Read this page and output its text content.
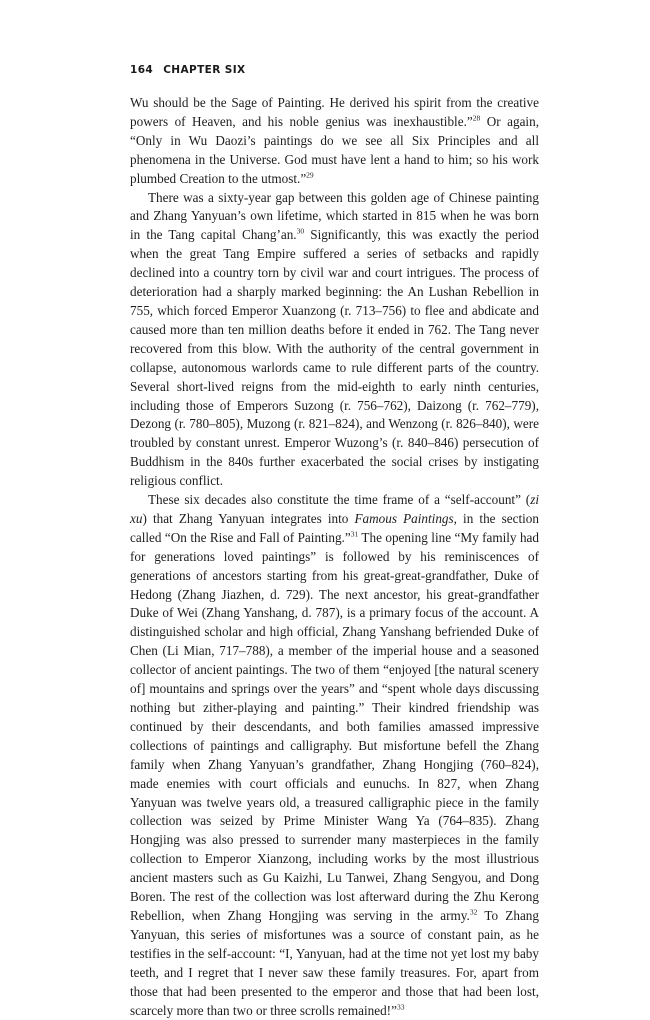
164 CHAPTER SIX

Wu should be the Sage of Painting. He derived his spirit from the creative powers of Heaven, and his noble genius was inexhaustible.”$^{28}$ Or again, “Only in Wu Daozi’s paintings do we see all Six Principles and all phenomena in the Universe. God must have lent a hand to him; so his work plumbed Creation to the utmost.”$^{29}$

There was a sixty-year gap between this golden age of Chinese painting and Zhang Yanyuan’s own lifetime, which started in 815 when he was born in the Tang capital Chang’an.$^{30}$ Significantly, this was exactly the period when the great Tang Empire suffered a series of setbacks and rapidly declined into a country torn by civil war and court intrigues. The process of deterioration had a sharply marked beginning: the An Lushan Rebellion in 755, which forced Emperor Xuanzong (r. 713–756) to flee and abdicate and caused more than ten million deaths before it ended in 762. The Tang never recovered from this blow. With the authority of the central government in collapse, autonomous warlords came to rule different parts of the country. Several short-lived reigns from the mid-eighth to early ninth centuries, including those of Emperors Suzong (r. 756–762), Daizong (r. 762–779), Dezong (r. 780–805), Muzong (r. 821–824), and Wenzong (r. 826–840), were troubled by constant unrest. Emperor Wuzong’s (r. 840–846) persecution of Buddhism in the 840s further exacerbated the social crises by instigating religious conflict.

These six decades also constitute the time frame of a “self-account” (zi xu) that Zhang Yanyuan integrates into Famous Paintings, in the section called “On the Rise and Fall of Painting.”$^{31}$ The opening line “My family had for generations loved paintings” is followed by his reminiscences of generations of ancestors starting from his great-great-grandfather, Duke of Hedong (Zhang Jiazhen, d. 729). The next ancestor, his great-grandfather Duke of Wei (Zhang Yanshang, d. 787), is a primary focus of the account. A distinguished scholar and high official, Zhang Yanshang befriended Duke of Chen (Li Mian, 717–788), a member of the imperial house and a seasoned collector of ancient paintings. The two of them “enjoyed [the natural scenery of] mountains and springs over the years” and “spent whole days discussing nothing but zither-playing and painting.” Their kindred friendship was continued by their descendants, and both families amassed impressive collections of paintings and calligraphy. But misfortune befell the Zhang family when Zhang Yanyuan’s grandfather, Zhang Hongjing (760–824), made enemies with court officials and eunuchs. In 827, when Zhang Yanyuan was twelve years old, a treasured calligraphic piece in the family collection was seized by Prime Minister Wang Ya (764–835). Zhang Hongjing was also pressed to surrender many masterpieces in the family collection to Emperor Xianzong, including works by the most illustrious ancient masters such as Gu Kaizhi, Lu Tanwei, Zhang Sengyou, and Dong Boren. The rest of the collection was lost afterward during the Zhu Kerong Rebellion, when Zhang Hongjing was serving in the army.$^{32}$ To Zhang Yanyuan, this series of misfortunes was a source of constant pain, as he testifies in the self-account: “I, Yanyuan, had at the time not yet lost my baby teeth, and I regret that I never saw these family treasures. For, apart from those that had been presented to the emperor and those that had been lost, scarcely more than two or three scrolls remained!”$^{33}$
